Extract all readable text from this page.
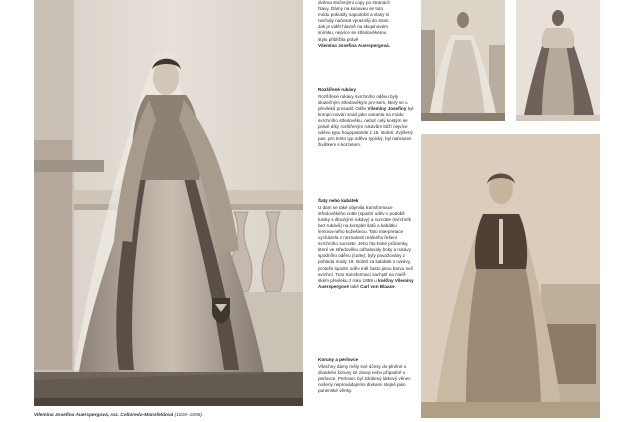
dvěma stočenými copy po stranách
hlavy. Dámy na kanaveu se tuto
módu pokusily napodobit a vlasy si
nechaly načesat výrazněji do stran.
Jak je vidět hlavně na skupinovém
snímku, nejvíce se středověkému
stylu přiblížila právě
Vilemína Josefina Auerspergová.
Rozšířené rukávy
Rozšířené rukávy svrchního oděvu byly skutečným středověkým prv-kem, který se u převleků prosadil. Oděv Vilemíny Josefiny byl kompo-nován snad jako varianta na módu svrchního středověku, neboť celý kostým se právě díky rozšířeným rukávům blíží nejvíce oděvu typu houppelande z 15. století. Zvýšený pas, pro tento typ oděvu typický, byl nahrazen živůtkem s korzetem.
Šaty nebo kabátek
U dam se také objevila transformace středověkého cotte (spodní oděv v podobě tuniky s dlouhými rukávy) a surcotte (svrchník bez rukávů) na komplet šatů a kabátku lemova-ného kožešinou. Tato interpretace vycházela z neznalosti reálného řešení svrchního surcotte. Jeho hlu-boké průramky, které ve středověku odhalovaly boky a rukávy spodního oděvu (cotte), byly považovány z pohledu módy 19. století za kabátek s rukávy, protože spodní oděv měl často jinou barvu než svrchní. Tuto transformaci zachytil na malíř-ském převleku z roku 1859 u kněžny Vilemíny Auerspergové také Carl von Blaase.
Koruny a perlovce
Všechny dámy měly své účesy do-plněné o divadelní koruny se závoji nebo případně o perlovce. Perlovec byl zdobený látkový věnec nošený neprovádajními divkami stejně jako panenské věnky.
Vilemína Josefina Auerspergová, roz. Colloredo-Mansfeldová (1826–1898).
